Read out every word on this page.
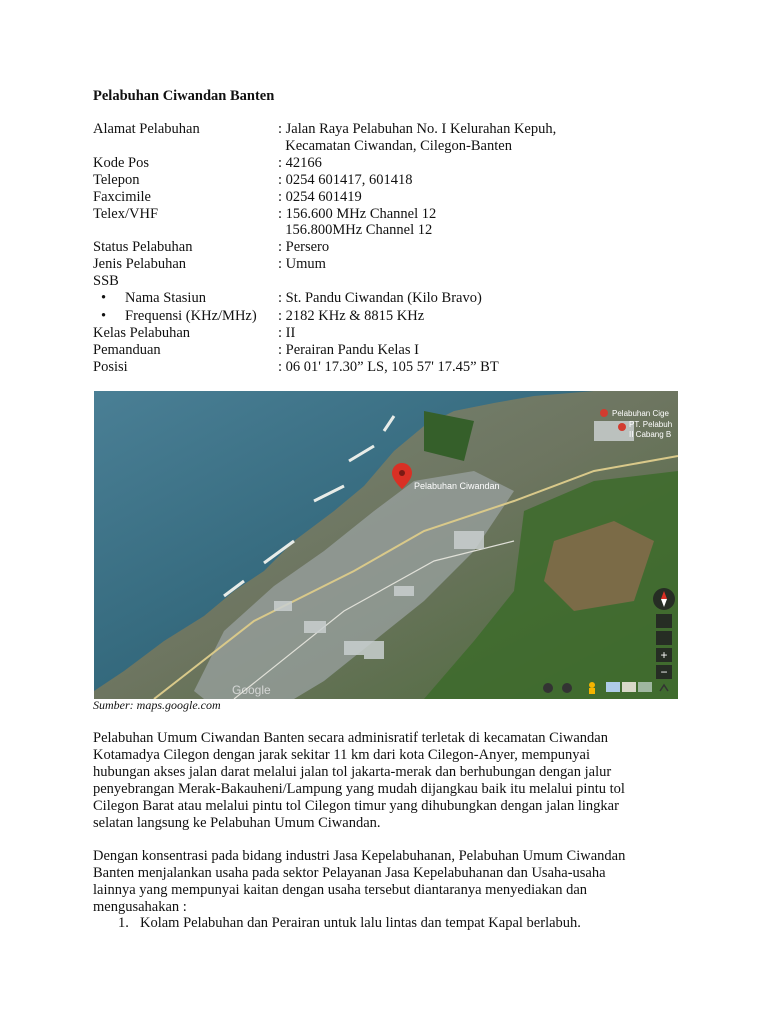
Pelabuhan Ciwandan Banten
Alamat Pelabuhan	: Jalan Raya Pelabuhan No. I Kelurahan Kepuh,
Kecamatan Ciwandan, Cilegon-Banten
Kode Pos	: 42166
Telepon	: 0254 601417, 601418
Faxcimile	: 0254 601419
Telex/VHF	: 156.600 MHz Channel 12
156.800MHz Channel 12
Status Pelabuhan	: Persero
Jenis Pelabuhan	: Umum
SSB
• Nama Stasiun	: St. Pandu Ciwandan (Kilo Bravo)
• Frequensi (KHz/MHz) : 2182 KHz & 8815 KHz
Kelas Pelabuhan	: II
Pemanduan	: Perairan Pandu Kelas I
Posisi	: 06 01' 17.30” LS, 105 57' 17.45” BT
Pelabuhan Cige
PT. Pelabuh
II Cabang B
Pelabuhan Ciwandan
Google
+
−
Sumber: maps.google.com
Pelabuhan Umum Ciwandan Banten secara adminisratif terletak di kecamatan Ciwandan
Kotamadya Cilegon dengan jarak sekitar 11 km dari kota Cilegon-Anyer, mempunyai
hubungan akses jalan darat melalui jalan tol jakarta-merak dan berhubungan dengan jalur
penyebrangan Merak-Bakauheni/Lampung yang mudah dijangkau baik itu melalui pintu tol
Cilegon Barat atau melalui pintu tol Cilegon timur yang dihubungkan dengan jalan lingkar
selatan langsung ke Pelabuhan Umum Ciwandan.
Dengan konsentrasi pada bidang industri Jasa Kepelabuhanan, Pelabuhan Umum Ciwandan
Banten menjalankan usaha pada sektor Pelayanan Jasa Kepelabuhanan dan Usaha-usaha
lainnya yang mempunyai kaitan dengan usaha tersebut diantaranya menyediakan dan
mengusahakan :
1. Kolam Pelabuhan dan Perairan untuk lalu lintas dan tempat Kapal berlabuh.
